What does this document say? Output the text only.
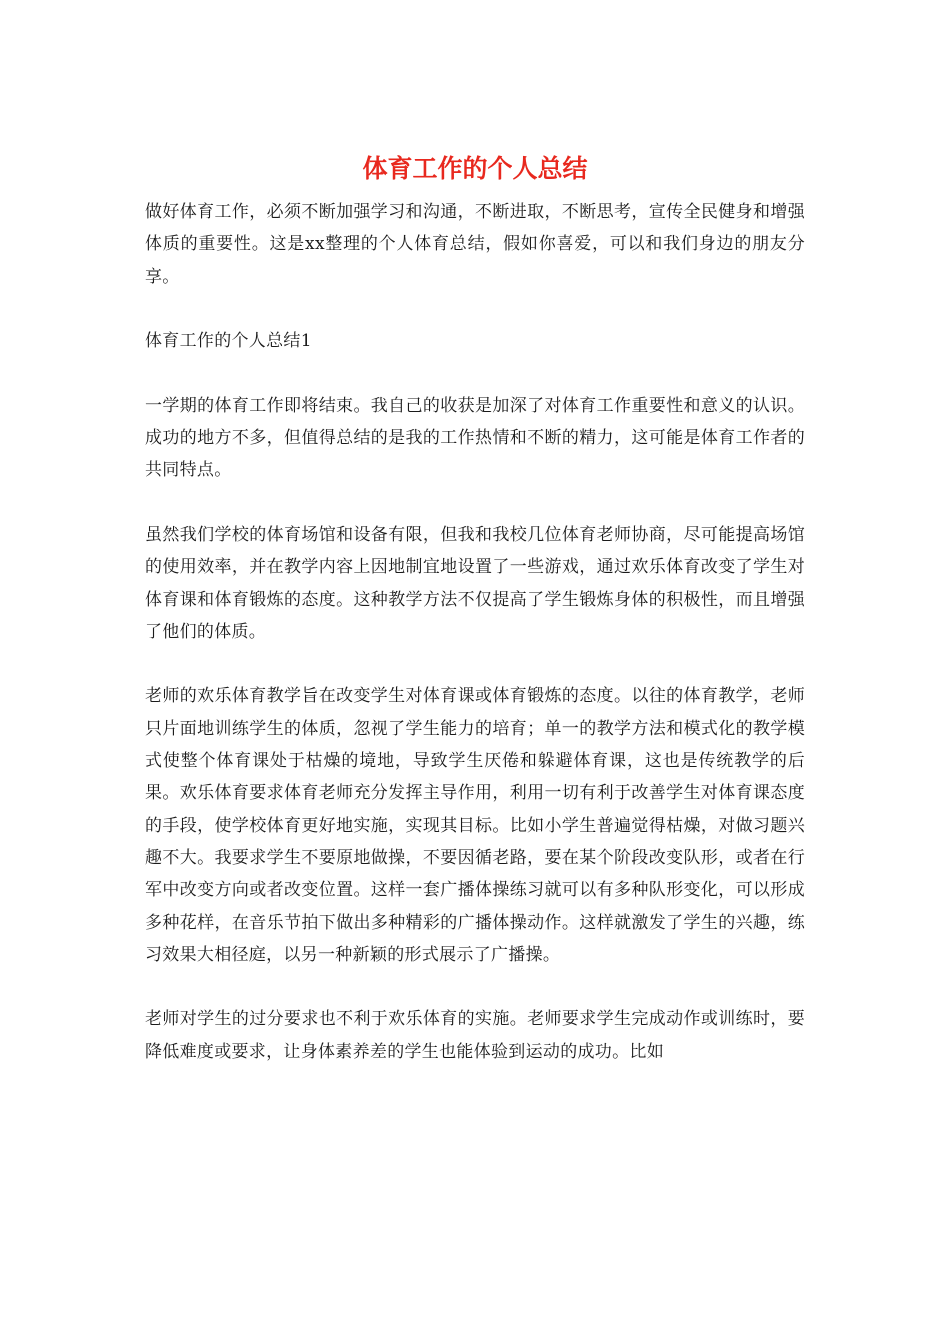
体育工作的个人总结

做好体育工作，必须不断加强学习和沟通，不断进取，不断思考，宣传全民健身和增强体质的重要性。这是xx整理的个人体育总结，假如你喜爱，可以和我们身边的朋友分享。

体育工作的个人总结1

一学期的体育工作即将结束。我自己的收获是加深了对体育工作重要性和意义的认识。成功的地方不多，但值得总结的是我的工作热情和不断的精力，这可能是体育工作者的共同特点。

虽然我们学校的体育场馆和设备有限，但我和我校几位体育老师协商，尽可能提高场馆的使用效率，并在教学内容上因地制宜地设置了一些游戏，通过欢乐体育改变了学生对体育课和体育锻炼的态度。这种教学方法不仅提高了学生锻炼身体的积极性，而且增强了他们的体质。

老师的欢乐体育教学旨在改变学生对体育课或体育锻炼的态度。以往的体育教学，老师只片面地训练学生的体质，忽视了学生能力的培育；单一的教学方法和模式化的教学模式使整个体育课处于枯燥的境地，导致学生厌倦和躲避体育课，这也是传统教学的后果。欢乐体育要求体育老师充分发挥主导作用，利用一切有利于改善学生对体育课态度的手段，使学校体育更好地实施，实现其目标。比如小学生普遍觉得枯燥，对做习题兴趣不大。我要求学生不要原地做操，不要因循老路，要在某个阶段改变队形，或者在行军中改变方向或者改变位置。这样一套广播体操练习就可以有多种队形变化，可以形成多种花样，在音乐节拍下做出多种精彩的广播体操动作。这样就激发了学生的兴趣，练习效果大相径庭，以另一种新颖的形式展示了广播操。

老师对学生的过分要求也不利于欢乐体育的实施。老师要求学生完成动作或训练时，要降低难度或要求，让身体素养差的学生也能体验到运动的成功。比如
